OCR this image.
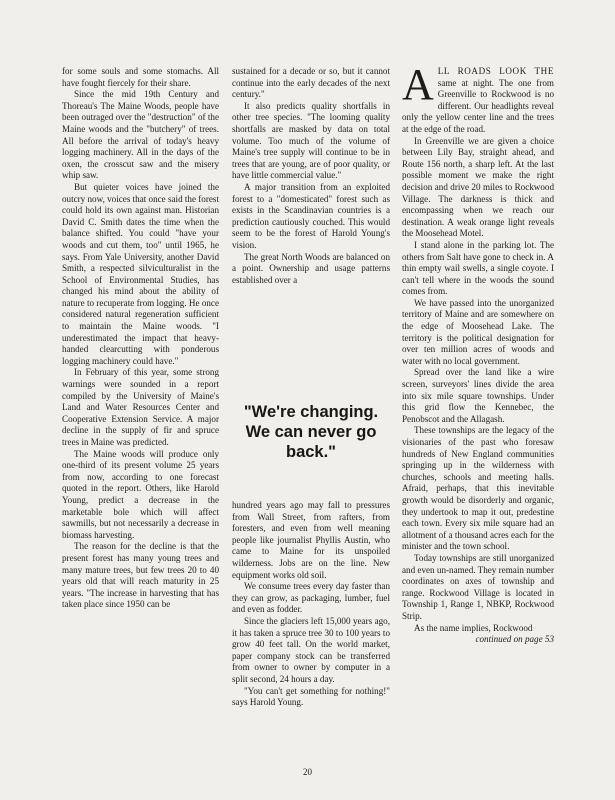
for some souls and some stomachs. All have fought fiercely for their share.

Since the mid 19th Century and Thoreau's The Maine Woods, people have been outraged over the "destruction" of the Maine woods and the "butchery" of trees. All before the arrival of today's heavy logging machinery. All in the days of the oxen, the crosscut saw and the misery whip saw.

But quieter voices have joined the outcry now, voices that once said the forest could hold its own against man. Historian David C. Smith dates the time when the balance shifted. You could "have your woods and cut them, too" until 1965, he says. From Yale University, another David Smith, a respected silviculturalist in the School of Environmental Studies, has changed his mind about the ability of nature to recuperate from logging. He once considered natural regeneration sufficient to maintain the Maine woods. "I underestimated the impact that heavy-handed clearcutting with ponderous logging machinery could have."

In February of this year, some strong warnings were sounded in a report compiled by the University of Maine's Land and Water Resources Center and Cooperative Extension Service. A major decline in the supply of fir and spruce trees in Maine was predicted.

The Maine woods will produce only one-third of its present volume 25 years from now, according to one forecast quoted in the report. Others, like Harold Young, predict a decrease in the marketable bole which will affect sawmills, but not necessarily a decrease in biomass harvesting.

The reason for the decline is that the present forest has many young trees and many mature trees, but few trees 20 to 40 years old that will reach maturity in 25 years. "The increase in harvesting that has taken place since 1950 can be

sustained for a decade or so, but it cannot continue into the early decades of the next century."

It also predicts quality shortfalls in other tree species. "The looming quality shortfalls are masked by data on total volume. Too much of the volume of Maine's tree supply will continue to be in trees that are young, are of poor quality, or have little commercial value."

A major transition from an exploited forest to a "domesticated" forest such as exists in the Scandinavian countries is a prediction cautiously couched. This would seem to be the forest of Harold Young's vision.

The great North Woods are balanced on a point. Ownership and usage patterns established over a

"We're changing. We can never go back."

hundred years ago may fall to pressures from Wall Street, from rafters, from foresters, and even from well meaning people like journalist Phyllis Austin, who came to Maine for its unspoiled wilderness. Jobs are on the line. New equipment works old soil.

We consume trees every day faster than they can grow, as packaging, lumber, fuel and even as fodder.

Since the glaciers left 15,000 years ago, it has taken a spruce tree 30 to 100 years to grow 40 feet tall. On the world market, paper company stock can be transferred from owner to owner by computer in a split second, 24 hours a day.

"You can't get something for nothing!" says Harold Young.

ALL ROADS LOOK THE same at night. The one from Greenville to Rockwood is no different. Our headlights reveal only the yellow center line and the trees at the edge of the road.

In Greenville we are given a choice between Lily Bay, straight ahead, and Route 156 north, a sharp left. At the last possible moment we make the right decision and drive 20 miles to Rockwood Village. The darkness is thick and encompassing when we reach our destination. A weak orange light reveals the Moosehead Motel.

I stand alone in the parking lot. The others from Salt have gone to check in. A thin empty wail swells, a single coyote. I can't tell where in the woods the sound comes from.

We have passed into the unorganized territory of Maine and are somewhere on the edge of Moosehead Lake. The territory is the political designation for over ten million acres of woods and water with no local government.

Spread over the land like a wire screen, surveyors' lines divide the area into six mile square townships. Under this grid flow the Kennebec, the Penobscot and the Allagash.

These townships are the legacy of the visionaries of the past who foresaw hundreds of New England communities springing up in the wilderness with churches, schools and meeting halls. Afraid, perhaps, that this inevitable growth would be disorderly and organic, they undertook to map it out, predestine each town. Every six mile square had an allotment of a thousand acres each for the minister and the town school.

Today townships are still unorganized and even un-named. They remain number coordinates on axes of township and range. Rockwood Village is located in Township 1, Range 1, NBKP, Rockwood Strip.

As the name implies, Rockwood

continued on page 53

20
